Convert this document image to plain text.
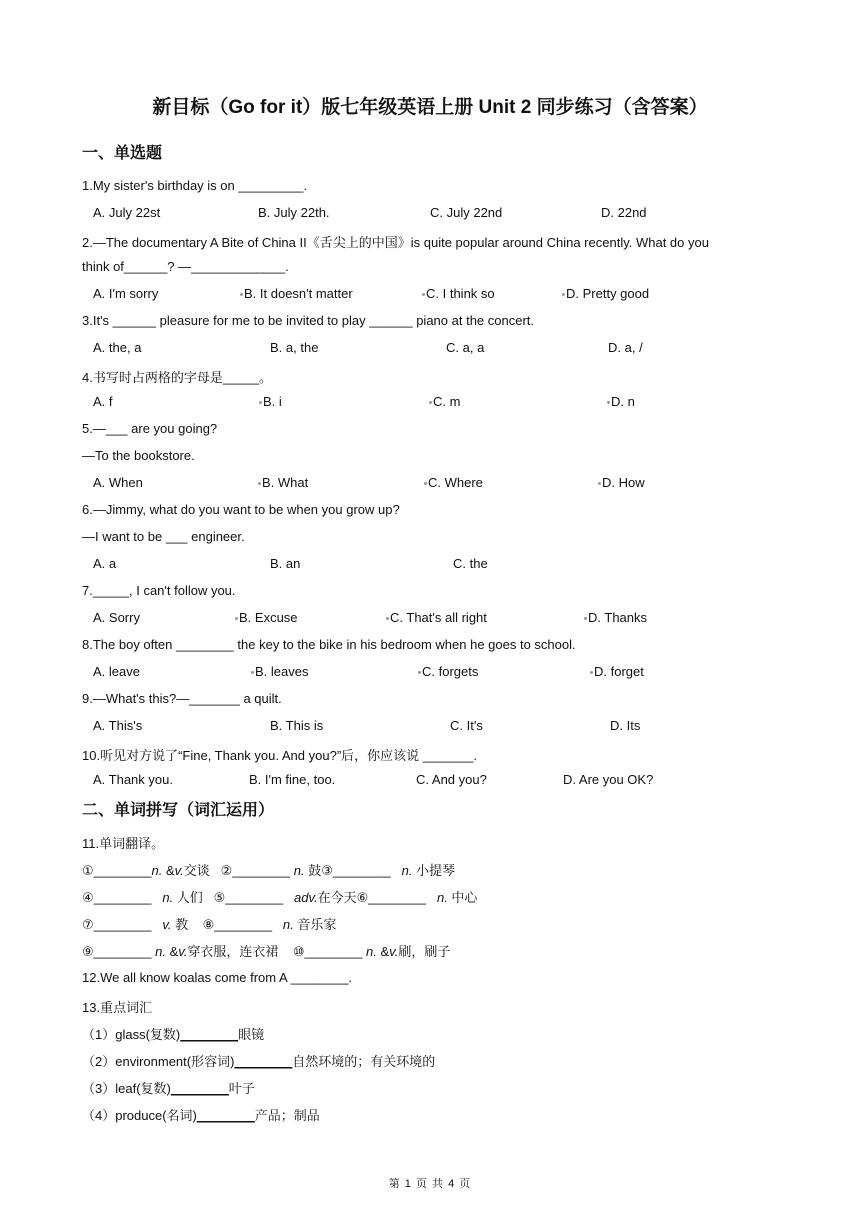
新目标（Go for it）版七年级英语上册 Unit 2 同步练习（含答案）
一、单选题
1.My sister's birthday is on _________.
A. July 22st	B. July 22th.	C. July 22nd	D. 22nd
2.—The documentary A Bite of China II《舌尖上的中国》is quite popular around China recently. What do you
think of______? —_____________.
A. I'm sorry	B. It doesn't matter	C. I think so	D. Pretty good
3.It's ______ pleasure for me to be invited to play ______ piano at the concert.
A. the, a	B. a, the	C. a, a	D. a, /
4.书写时占两格的字母是_____。
A. f	B. i	C. m	D. n
5.—___ are you going?
—To the bookstore.
A. When	B. What	C. Where	D. How
6.—Jimmy, what do you want to be when you grow up?
—I want to be ___ engineer.
A. a	B. an	C. the
7._____, I can't follow you.
A. Sorry	B. Excuse	C. That's all right	D. Thanks
8.The boy often ________ the key to the bike in his bedroom when he goes to school.
A. leave	B. leaves	C. forgets	D. forget
9.—What's this?—_______ a quilt.
A. This's	B. This is	C. It's	D. Its
10.听见对方说了“Fine, Thank you. And you?”后，你应该说 _______.
A. Thank you.	B. I'm fine, too.	C. And you?	D. Are you OK?
二、单词拼写（词汇运用）
11.单词翻译。
①________n. &v.交谈 ②________ n. 鼓③________ n. 小提琴
④________ n. 人们 ⑤________ adv.在今天⑥________ n. 中心
⑦________ v. 教 ⑧________ n. 音乐家
⑨________ n. &v.穿衣服，连衣裙 ⑩________ n. &v.刷，刷子
12.We all know koalas come from A ________.
13.重点词汇
（1）glass(复数)________眼镜
（2）environment(形容词)________自然环境的；有关环境的
（3）leaf(复数)________叶子
（4）produce(名词)________产品；制品
第 1 页 共 4 页
